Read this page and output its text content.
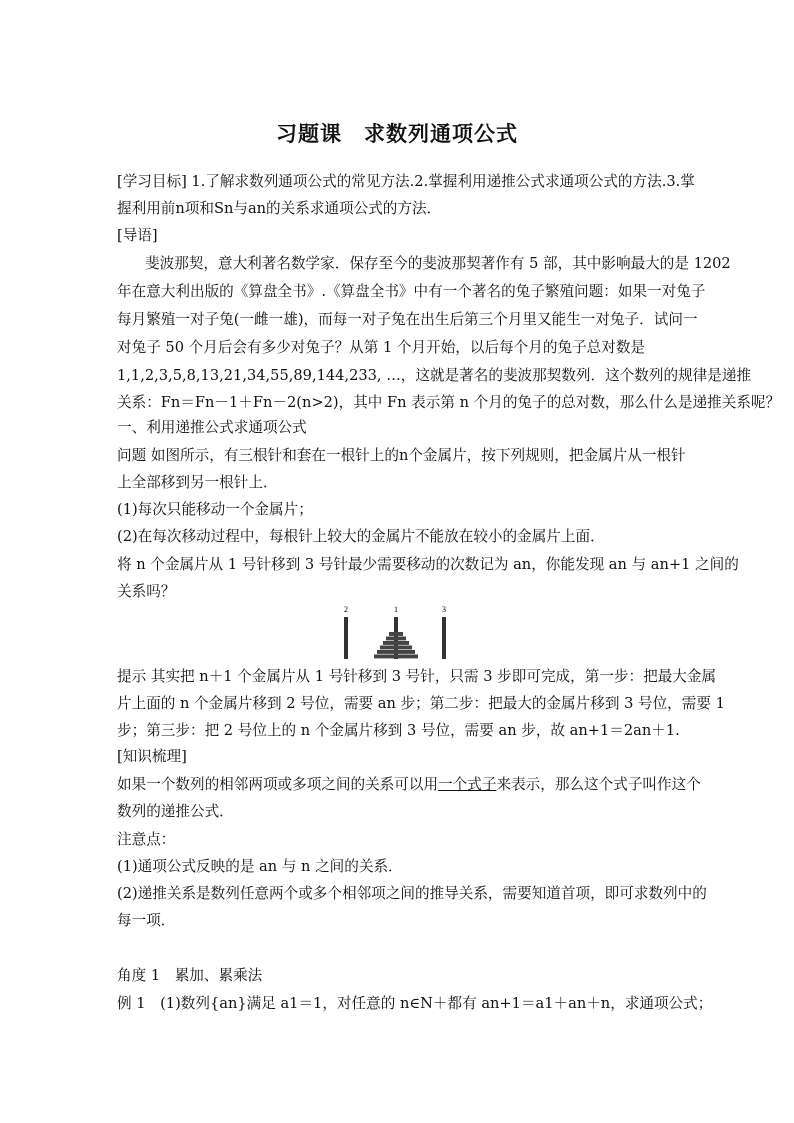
习题课　求数列通项公式
[学习目标] 1.了解求数列通项公式的常见方法.2.掌握利用递推公式求通项公式的方法.3.掌
握利用前n项和Sn与an的关系求通项公式的方法．
[导语]
斐波那契，意大利著名数学家．保存至今的斐波那契著作有 5 部，其中影响最大的是 1202
年在意大利出版的《算盘全书》.《算盘全书》中有一个著名的兔子繁殖问题：如果一对兔子
每月繁殖一对子兔(一雌一雄)，而每一对子兔在出生后第三个月里又能生一对兔子．试问一
对兔子 50 个月后会有多少对兔子？从第 1 个月开始，以后每个月的兔子总对数是
1,1,2,3,5,8,13,21,34,55,89,144,233, …，这就是著名的斐波那契数列．这个数列的规律是递推
关系：Fn＝Fn－1＋Fn－2(n>2)，其中 Fn 表示第 n 个月的兔子的总对数，那么什么是递推关系呢？
一、利用递推公式求通项公式
问题 如图所示，有三根针和套在一根针上的n个金属片，按下列规则，把金属片从一根针
上全部移到另一根针上．
(1)每次只能移动一个金属片；
(2)在每次移动过程中，每根针上较大的金属片不能放在较小的金属片上面．
将 n 个金属片从 1 号针移到 3 号针最少需要移动的次数记为 an，你能发现 an 与 an+1 之间的
关系吗？
2	1	3
提示 其实把 n＋1 个金属片从 1 号针移到 3 号针，只需 3 步即可完成，第一步：把最大金属
片上面的 n 个金属片移到 2 号位，需要 an 步；第二步：把最大的金属片移到 3 号位，需要 1
步；第三步：把 2 号位上的 n 个金属片移到 3 号位，需要 an 步，故 an+1＝2an＋1.
[知识梳理]
如果一个数列的相邻两项或多项之间的关系可以用一个式子来表示，那么这个式子叫作这个
数列的递推公式．
注意点：
(1)通项公式反映的是 an 与 n 之间的关系．
(2)递推关系是数列任意两个或多个相邻项之间的推导关系，需要知道首项，即可求数列中的
每一项．
角度 1　累加、累乘法
例 1　(1)数列{an}满足 a1＝1，对任意的 n∈N＋都有 an+1＝a1＋an＋n，求通项公式；
